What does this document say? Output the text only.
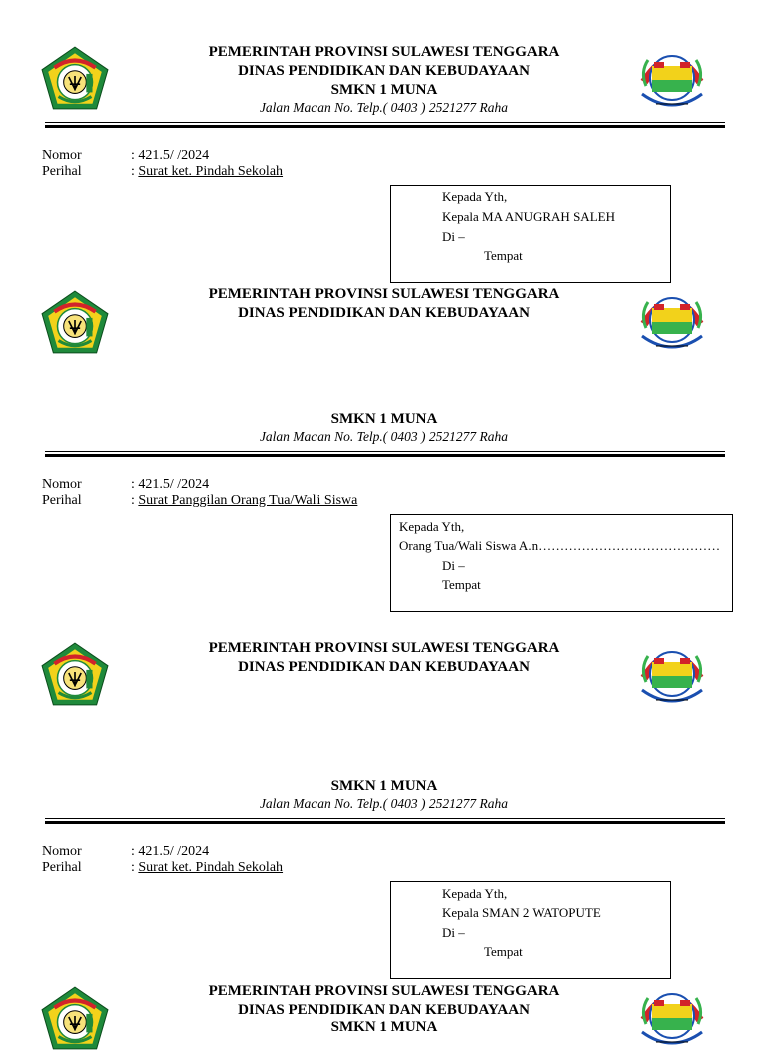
PEMERINTAH PROVINSI SULAWESI TENGGARA
DINAS PENDIDIKAN DAN KEBUDAYAAN
SMKN 1 MUNA
Jalan Macan No. Telp.( 0403 ) 2521277 Raha
Nomor	: 421.5/ /2024
Perihal	: Surat ket. Pindah Sekolah
Kepada Yth,
Kepala MA ANUGRAH SALEH
Di –
Tempat
PEMERINTAH PROVINSI SULAWESI TENGGARA
DINAS PENDIDIKAN DAN KEBUDAYAAN
SMKN 1 MUNA
Jalan Macan No. Telp.( 0403 ) 2521277 Raha
Nomor	: 421.5/ /2024
Perihal	: Surat Panggilan Orang Tua/Wali Siswa
Kepada Yth,
Orang Tua/Wali Siswa A.n……………………………………
Di –
Tempat
PEMERINTAH PROVINSI SULAWESI TENGGARA
DINAS PENDIDIKAN DAN KEBUDAYAAN
SMKN 1 MUNA
Jalan Macan No. Telp.( 0403 ) 2521277 Raha
Nomor	: 421.5/ /2024
Perihal	: Surat ket. Pindah Sekolah
Kepada Yth,
Kepala SMAN 2 WATOPUTE
Di –
Tempat
PEMERINTAH PROVINSI SULAWESI TENGGARA
DINAS PENDIDIKAN DAN KEBUDAYAAN
SMKN 1 MUNA
